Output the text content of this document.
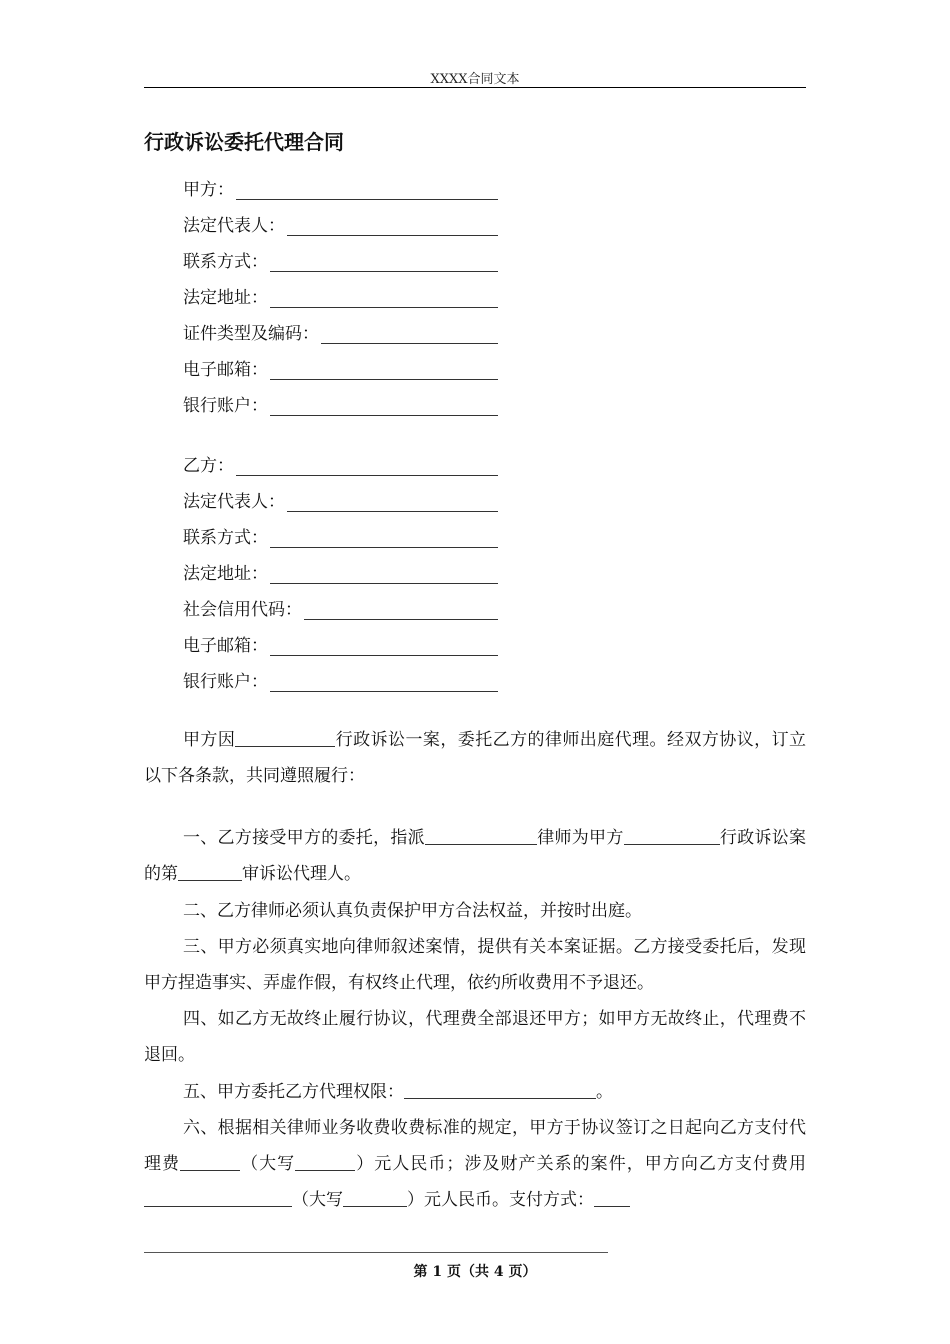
XXXX合同文本
行政诉讼委托代理合同
甲方：
法定代表人：
联系方式：
法定地址：
证件类型及编码：
电子邮箱：
银行账户：
乙方：
法定代表人：
联系方式：
法定地址：
社会信用代码：
电子邮箱：
银行账户：
甲方因	行政诉讼一案，委托乙方的律师出庭代理。经双方协议，订立以下各条款，共同遵照履行：
一、乙方接受甲方的委托，指派	律师为甲方	行政诉讼案的第	审诉讼代理人。
二、乙方律师必须认真负责保护甲方合法权益，并按时出庭。
三、甲方必须真实地向律师叙述案情，提供有关本案证据。乙方接受委托后，发现甲方捏造事实、弄虚作假，有权终止代理，依约所收费用不予退还。
四、如乙方无故终止履行协议，代理费全部退还甲方；如甲方无故终止，代理费不退回。
五、甲方委托乙方代理权限：	。
六、根据相关律师业务收费收费标准的规定，甲方于协议签订之日起向乙方支付代理费	（大写	）元人民币；涉及财产关系的案件，甲方向乙方支付费用（大写	）元人民币。支付方式：
第 1 页（共 4 页）
